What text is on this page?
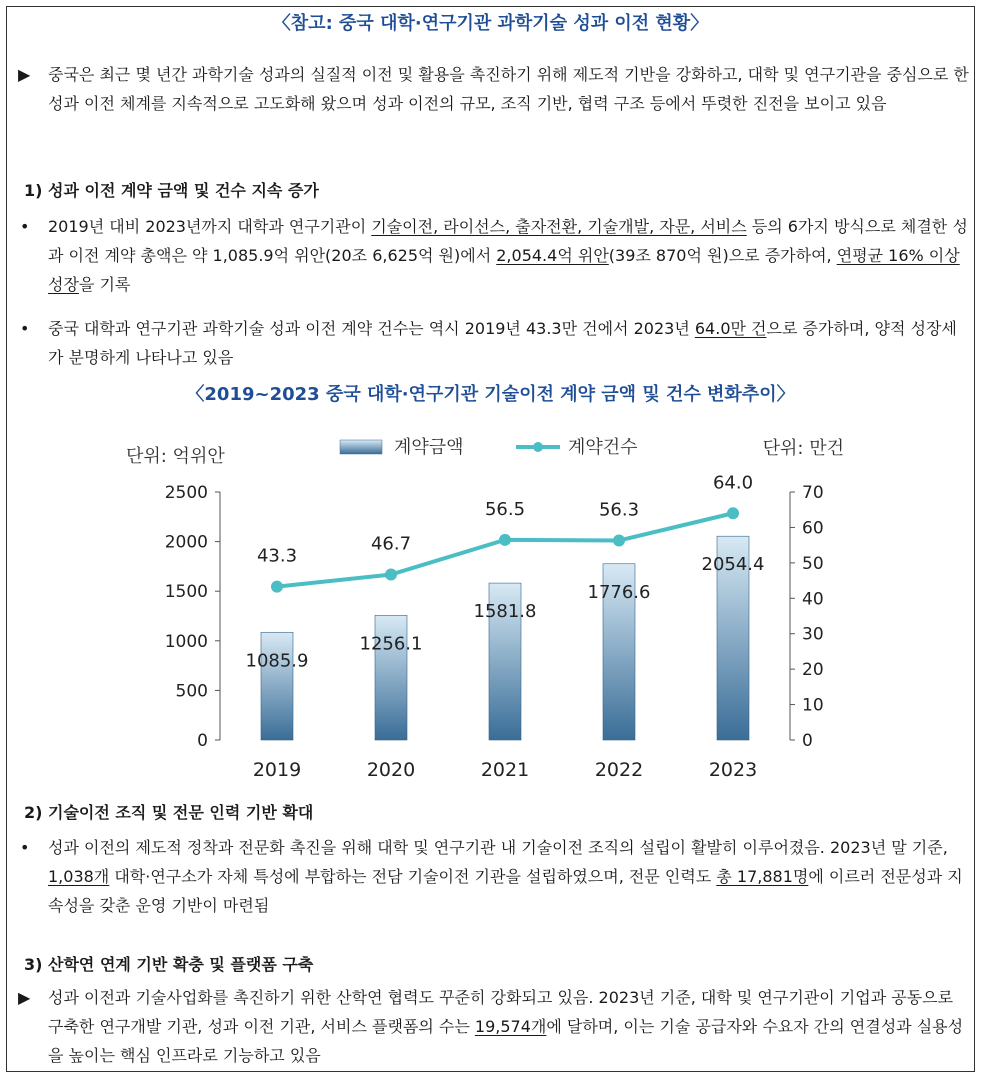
〈참고: 중국 대학·연구기관 과학기술 성과 이전 현황〉
▶ 중국은 최근 몇 년간 과학기술 성과의 실질적 이전 및 활용을 촉진하기 위해 제도적 기반을 강화하고, 대학 및 연구기관을 중심으로 한 성과 이전 체계를 지속적으로 고도화해 왔으며 성과 이전의 규모, 조직 기반, 협력 구조 등에서 뚜렷한 진전을 보이고 있음
1) 성과 이전 계약 금액 및 건수 지속 증가
• 2019년 대비 2023년까지 대학과 연구기관이 기술이전, 라이선스, 출자전환, 기술개발, 자문, 서비스 등의 6가지 방식으로 체결한 성과 이전 계약 총액은 약 1,085.9억 위안(20조 6,625억 원)에서 2,054.4억 위안(39조 870억 원)으로 증가하여, 연평균 16% 이상 성장을 기록
• 중국 대학과 연구기관 과학기술 성과 이전 계약 건수는 역시 2019년 43.3만 건에서 2023년 64.0만 건으로 증가하며, 양적 성장세가 분명하게 나타나고 있음
〈2019~2023 중국 대학·연구기관 기술이전 계약 금액 및 건수 변화추이〉
0
500
1000
1500
2000
2500
0
10
20
30
40
50
60
70
단위: 억위안	단위: 만건
계약금액	계약건수
1085.9
1256.1
1581.8
1776.6
2054.4
43.3
46.7
56.5	56.3
64.0
2019	2020	2021	2022	2023
2) 기술이전 조직 및 전문 인력 기반 확대
• 성과 이전의 제도적 정착과 전문화 촉진을 위해 대학 및 연구기관 내 기술이전 조직의 설립이 활발히 이루어졌음. 2023년 말 기준, 1,038개 대학·연구소가 자체 특성에 부합하는 전담 기술이전 기관을 설립하였으며, 전문 인력도 총 17,881명에 이르러 전문성과 지속성을 갖춘 운영 기반이 마련됨
3) 산학연 연계 기반 확충 및 플랫폼 구축
▶ 성과 이전과 기술사업화를 촉진하기 위한 산학연 협력도 꾸준히 강화되고 있음. 2023년 기준, 대학 및 연구기관이 기업과 공동으로 구축한 연구개발 기관, 성과 이전 기관, 서비스 플랫폼의 수는 19,574개에 달하며, 이는 기술 공급자와 수요자 간의 연결성과 실용성을 높이는 핵심 인프라로 기능하고 있음
